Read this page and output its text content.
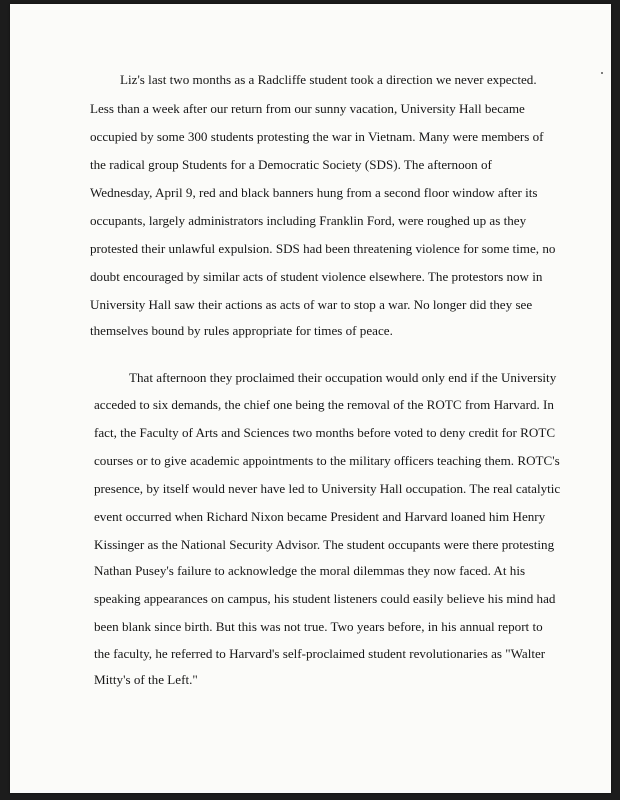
Liz's last two months as a Radcliffe student took a direction we never expected.

Less than a week after our return from our sunny vacation, University Hall became

occupied by some 300 students protesting the war in Vietnam. Many were members of

the radical group Students for a Democratic Society (SDS). The afternoon of

Wednesday, April 9, red and black banners hung from a second floor window after its

occupants, largely administrators including Franklin Ford, were roughed up as they

protested their unlawful expulsion. SDS had been threatening violence for some time, no

doubt encouraged by similar acts of student violence elsewhere. The protestors now in

University Hall saw their actions as acts of war to stop a war. No longer did they see

themselves bound by rules appropriate for times of peace.

That afternoon they proclaimed their occupation would only end if the University

acceded to six demands, the chief one being the removal of the ROTC from Harvard. In

fact, the Faculty of Arts and Sciences two months before voted to deny credit for ROTC

courses or to give academic appointments to the military officers teaching them. ROTC's

presence, by itself would never have led to University Hall occupation. The real catalytic

event occurred when Richard Nixon became President and Harvard loaned him Henry

Kissinger as the National Security Advisor. The student occupants were there protesting

Nathan Pusey's failure to acknowledge the moral dilemmas they now faced. At his

speaking appearances on campus, his student listeners could easily believe his mind had

been blank since birth. But this was not true. Two years before, in his annual report to

the faculty, he referred to Harvard's self-proclaimed student revolutionaries as "Walter

Mitty's of the Left."
